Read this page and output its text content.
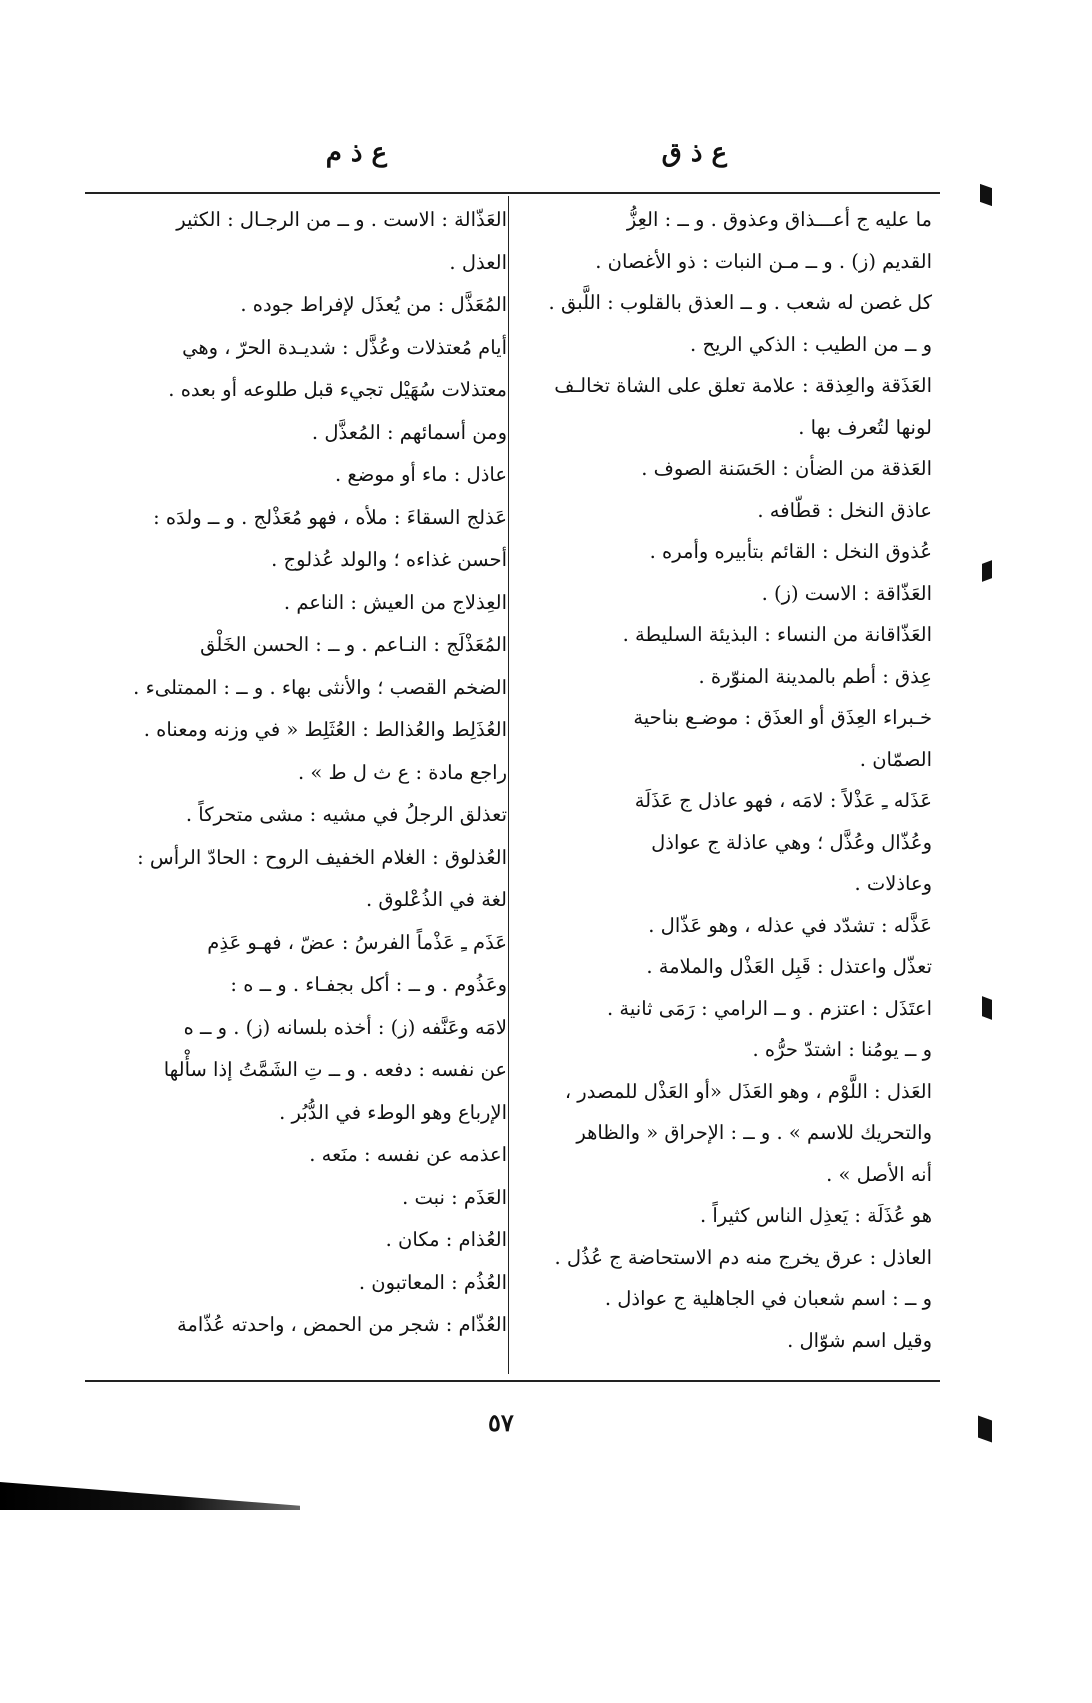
ع ذ ق
ع ذ م
ما عليه ج أعـــذاق وعذوق . و ــ : العِزُّ
القديم (ز) . و ــ مـن النبات : ذو الأغصان .
كل غصن له شعب . و ــ العذق بالقلوب : اللَّبق .
و ــ من الطيب : الذكي الريح .
العَذَقة والعِذقة : علامة تعلق على الشاة تخالـف
لونها لتُعرف بها .
العَذقة من الضأن : الحَسَنة الصوف .
عاذق النخل : قطّافه .
عُذوق النخل : القائم بتأبيره وأمره .
العَذّاقة : الاست (ز) .
العَذّاقانة من النساء : البذيئة السليطة .
عِذق : أطم بالمدينة المنوّرة .
خـبراء العِذَق أو العذَق : موضـع بناحية
الصمّان .
عَذَله ـِ عَذْلاً : لامَه ، فهو عاذل ج عَذَلَة
وعُذّال وعُذَّل ؛ وهي عاذلة ج عواذل
وعاذلات .
عَذَّله : تشدّد في عذله ، وهو عَذّال .
تعذّل واعتذل : قَبِل العَذْل والملامة .
اعتَذَل : اعتزم . و ــ الرامي : رَمَى ثانية .
و ــ يومُنا : اشتدّ حرُّه .
العَذل : اللَّوْم ، وهو العَذَل «أو العَذْل للمصدر ،
والتحريك للاسم » . و ــ : الإحراق « والظاهر
أنه الأصل » .
هو عُذَلَة : يَعذِل الناس كثيراً .
العاذل : عرق يخرج منه دم الاستحاضة ج عُذُل .
و ــ : اسم شعبان في الجاهلية ج عواذل .
وقيل اسم شوّال .
العَذّالة : الاست . و ــ من الرجـال : الكثير
العذل .
المُعَذَّل : من يُعذَل لإفراط جوده .
أيام مُعتذلات وعُذَّل : شديـدة الحرّ ، وهي
معتذلات سُهَيْل تجيء قبل طلوعه أو بعده .
ومن أسمائهم : المُعذَّل .
عاذل : ماء أو موضع .
عَذلج السقاءَ : ملأه ، فهو مُعَذْلج . و ــ ولدَه :
أحسن غذاءه ؛ والولد عُذلوج .
العِذلاج من العيش : الناعم .
المُعَذْلَج : النـاعم . و ــ : الحسن الخَلْق
الضخم القصب ؛ والأنثى بهاء . و ــ : الممتلىء .
العُذَلِط والعُذالط : العُثَلِط « في وزنه ومعناه .
راجع مادة : ع ث ل ط » .
تعذلق الرجلُ في مشيه : مشى متحركاً .
العُذلوق : الغلام الخفيف الروح : الحادّ الرأس :
لغة في الذُعْلوق .
عَذَم ـِ عَذْماً الفرسُ : عضّ ، فهـو عَذِم
وعَذُوم . و ــ : أكل بجفـاء . و ــ ه :
لامَه وعَنَّفه (ز) : أخذه بلسانه (ز) . و ــ ه
عن نفسه : دفعه . و ــ تِ الشَمَّتُ إذا سأْلها
الإرباع وهو الوطء في الدُّبُر .
اعذمه عن نفسه : منَعه .
العَذَم : نبت .
العُذام : مكان .
العُذُم : المعاتبون .
العُذّام : شجر من الحمض ، واحدته عُذّامة
٥٧
